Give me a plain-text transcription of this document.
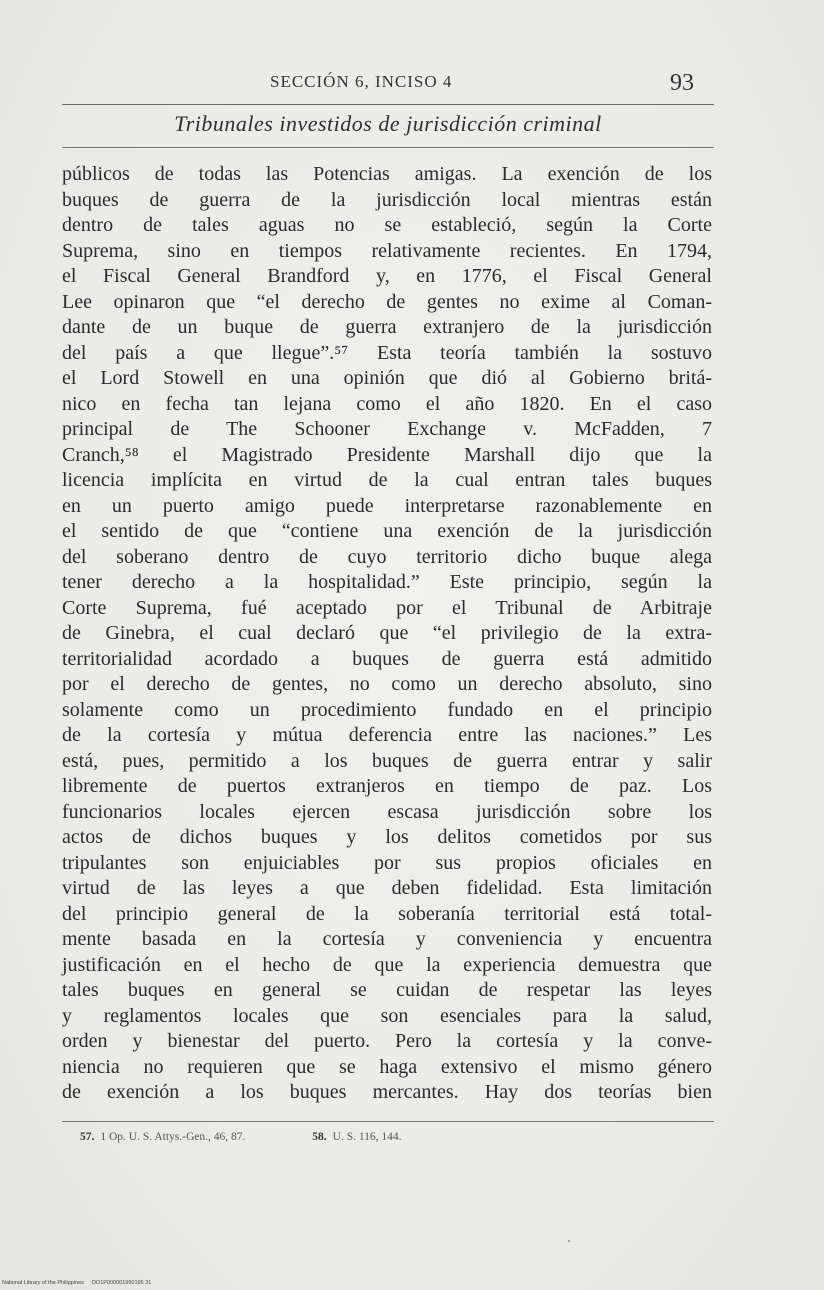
SECCIÓN 6, INCISO 4	93
Tribunales investidos de jurisdicción criminal
públicos de todas las Potencias amigas. La exención de los
buques de guerra de la jurisdicción local mientras están
dentro de tales aguas no se estableció, según la Corte
Suprema, sino en tiempos relativamente recientes. En 1794,
el Fiscal General Brandford y, en 1776, el Fiscal General
Lee opinaron que “el derecho de gentes no exime al Coman-
dante de un buque de guerra extranjero de la jurisdicción
del país a que llegue”.⁵⁷ Esta teoría también la sostuvo
el Lord Stowell en una opinión que dió al Gobierno britá-
nico en fecha tan lejana como el año 1820. En el caso
principal de The Schooner Exchange v. McFadden, 7
Cranch,⁵⁸ el Magistrado Presidente Marshall dijo que la
licencia implícita en virtud de la cual entran tales buques
en un puerto amigo puede interpretarse razonablemente en
el sentido de que “contiene una exención de la jurisdicción
del soberano dentro de cuyo territorio dicho buque alega
tener derecho a la hospitalidad.” Este principio, según la
Corte Suprema, fué aceptado por el Tribunal de Arbitraje
de Ginebra, el cual declaró que “el privilegio de la extra-
territorialidad acordado a buques de guerra está admitido
por el derecho de gentes, no como un derecho absoluto, sino
solamente como un procedimiento fundado en el principio
de la cortesía y mútua deferencia entre las naciones.” Les
está, pues, permitido a los buques de guerra entrar y salir
libremente de puertos extranjeros en tiempo de paz. Los
funcionarios locales ejercen escasa jurisdicción sobre los
actos de dichos buques y los delitos cometidos por sus
tripulantes son enjuiciables por sus propios oficiales en
virtud de las leyes a que deben fidelidad. Esta limitación
del principio general de la soberanía territorial está total-
mente basada en la cortesía y conveniencia y encuentra
justificación en el hecho de que la experiencia demuestra que
tales buques en general se cuidan de respetar las leyes
y reglamentos locales que son esenciales para la salud,
orden y bienestar del puerto. Pero la cortesía y la conve-
niencia no requieren que se haga extensivo el mismo género
de exención a los buques mercantes. Hay dos teorías bien
57. 1 Op. U. S. Attys.-Gen., 46, 87.	58. U. S. 116, 144.
National Library of the Philippines DO1P000001960195 31
